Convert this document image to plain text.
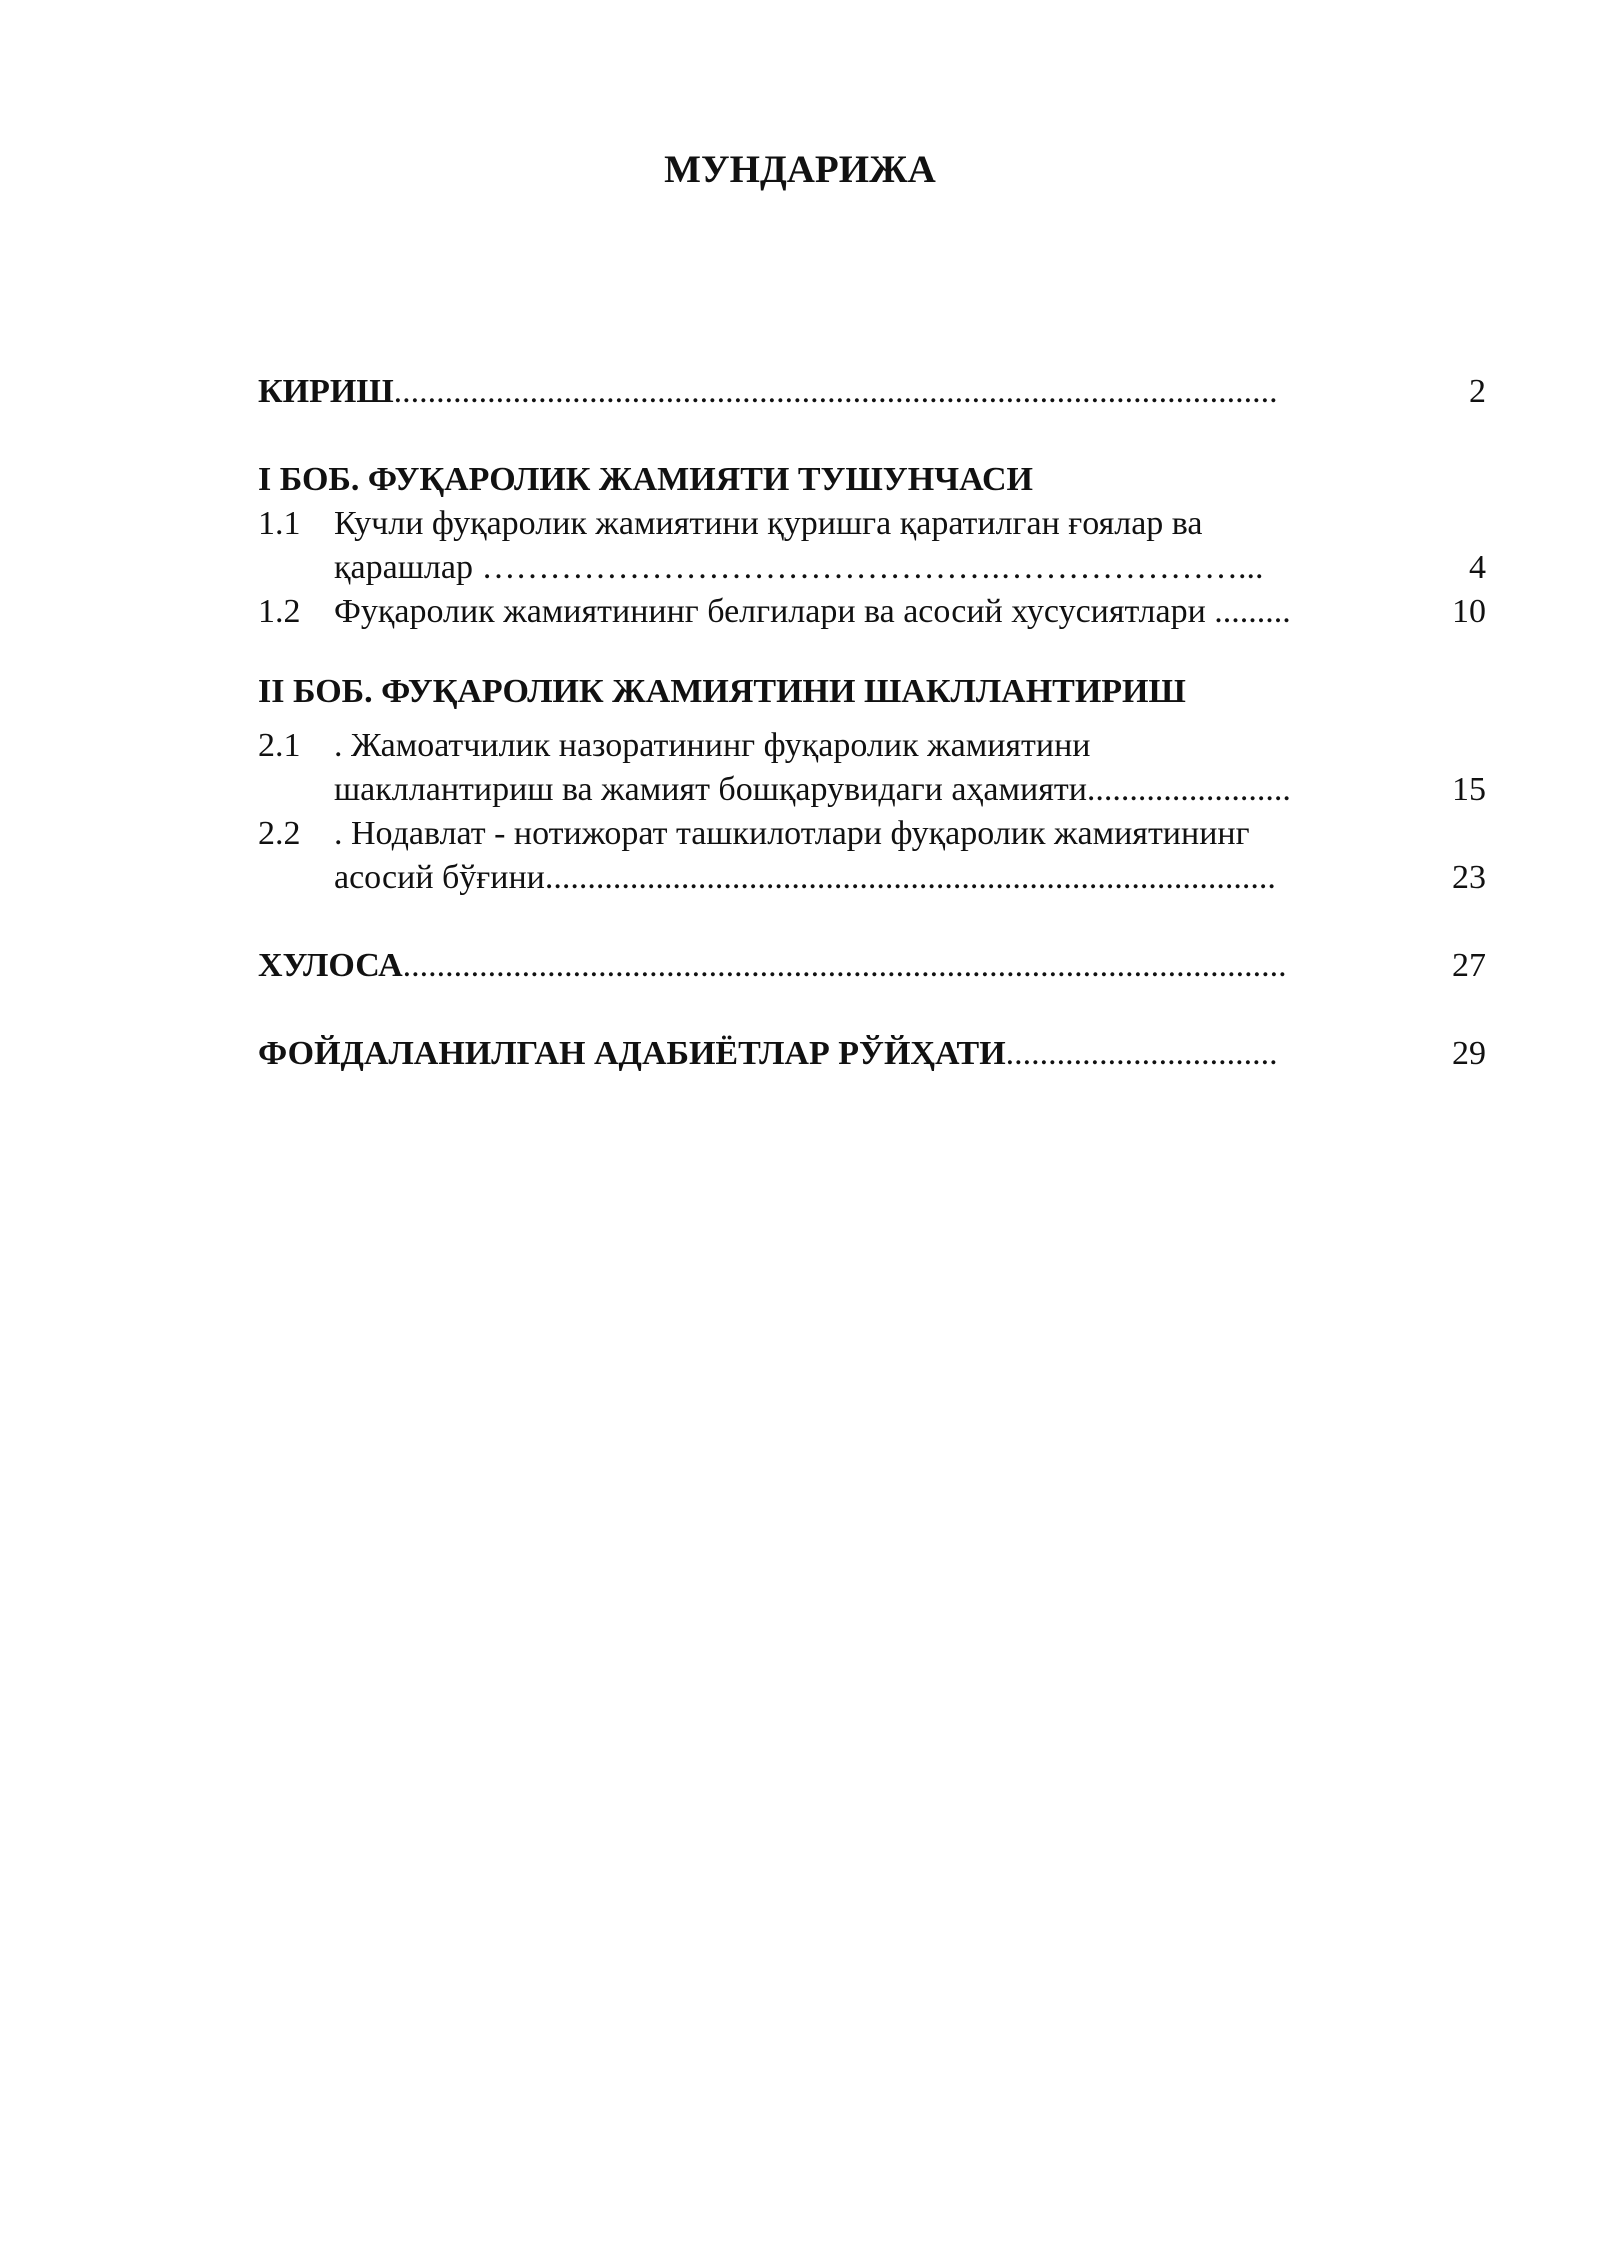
МУНДАРИЖА
КИРИШ ........................................................................................................	2
I БОБ. ФУҚАРОЛИК ЖАМИЯТИ ТУШУНЧАСИ
1.1 Кучли фуқаролик жамиятини қуришга қаратилган ғоялар ва
қарашлар ……………………………………….…………………...	4
1.2 Фуқаролик жамиятининг белгилари ва асосий хусусиятлари .........	10
II БОБ. ФУҚАРОЛИК ЖАМИЯТИНИ ШАКЛЛАНТИРИШ
2.1 . Жамоатчилик назоратининг фуқаролик жамиятини
шакллантириш ва жамият бошқарувидаги аҳамияти........................	15
2.2 . Нодавлат - нотижорат ташкилотлари фуқаролик жамиятининг
асосий бўғини......................................................................................	23
ХУЛОСА ........................................................................................................	27
ФОЙДАЛАНИЛГАН АДАБИЁТЛАР РЎЙҲАТИ ................................	29
